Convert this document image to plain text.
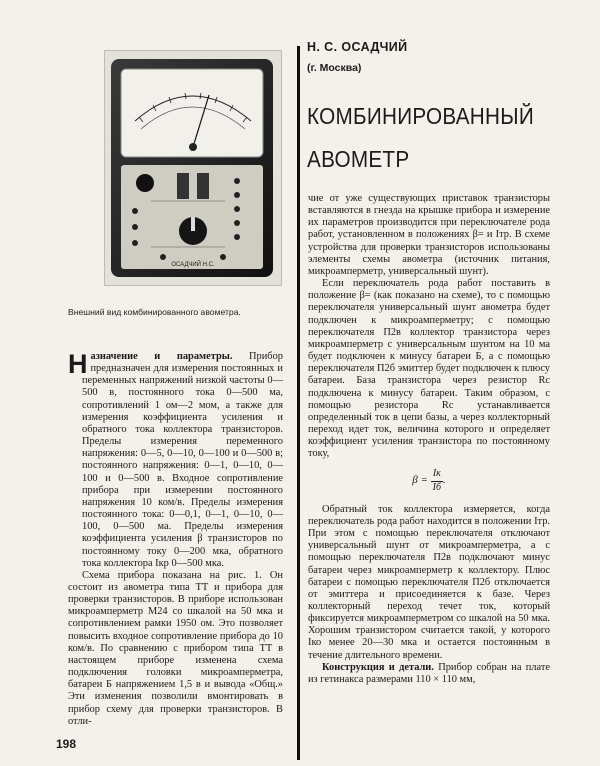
ОСАДЧИЙ Н.С.
Внешний вид комбинированного авометра.
Н. С. ОСАДЧИЙ
(г. Москва)
КОМБИНИРОВАННЫЙ
АВОМЕТР

Назначение и параметры. Прибор предназначен для измерения постоянных и переменных напряжений низкой частоты 0—500 в, постоянного тока 0—500 ма, сопротивлений 1 ом—2 мом, а также для измерения коэффициента усиления и обратного тока коллектора транзисторов. Пределы измерения переменного напряжения: 0—5, 0—10, 0—100 и 0—500 в; постоянного напряжения: 0—1, 0—10, 0—100 и 0—500 в. Входное сопротивление прибора при измерении постоянного напряжения 10 ком/в. Пределы измерения постоянного тока: 0—0,1, 0—1, 0—10, 0—100, 0—500 ма. Пределы измерения коэффициента усиления β транзисторов по постоянному току 0—200 мка, обратного тока коллектора Iкр 0—500 мка.

Схема прибора показана на рис. 1. Он состоит из авометра типа ТТ и прибора для проверки транзисторов. В приборе использован микроамперметр М24 со шкалой на 50 мка и сопротивлением рамки 1950 ом. Это позволяет повысить входное сопротивление прибора до 10 ком/в. По сравнению с прибором типа ТТ в настоящем приборе изменена схема подключения головки микроамперметра, батареи Б напряжением 1,5 в и вывода «Общ.» Эти изменения позволили вмонтировать в прибор схему для проверки транзисторов. В отли-

чие от уже существующих приставок транзисторы вставляются в гнезда на крышке прибора и измерение их параметров производится при переключателе рода работ, установленном в положениях β= и Iтр. В схеме устройства для проверки транзисторов использованы элементы схемы авометра (источник питания, микроамперметр, универсальный шунт).

Если переключатель рода работ поставить в положение β= (как показано на схеме), то с помощью переключателя универсальный шунт авометра будет подключен к микроамперметру; с помощью переключателя П2в коллектор транзистора через микроамперметр с универсальным шунтом на 10 ма будет подключен к минусу батареи Б, а с помощью переключателя П2б эмиттер будет подключен к плюсу батареи. База транзистора через резистор Rс подключена к минусу батареи. Таким образом, с помощью резистора Rс устанавливается определенный ток в цепи базы, а через коллекторный переход идет ток, величина которого и определяет коэффициент усиления транзистора по постоянному току,

$\beta = \frac{Iк}{Iб}$ .

Обратный ток коллектора измеряется, когда переключатель рода работ находится в положении Iтр. При этом с помощью переключателя отключают универсальный шунт от микроамперметра, а с помощью переключателя П2в подключают минус батареи через микроамперметр к коллектору. Плюс батареи с помощью переключателя П2б отключается от эмиттера и присоединяется к базе. Через коллекторный переход течет ток, который фиксируется микроамперметром со шкалой на 50 мка. Хорошим транзистором считается такой, у которого Iко менее 20—30 мка и остается постоянным в течение длительного времени.

Конструкция и детали. Прибор собран на плате из гетинакса размерами 110 × 110 мм,

198
